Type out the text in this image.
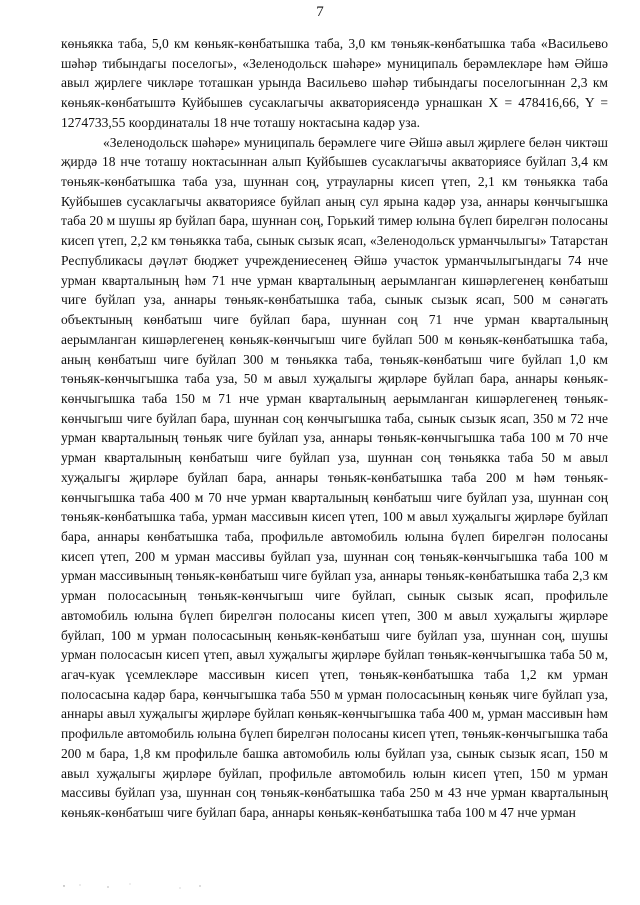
7

көньякка таба, 5,0 км көньяк-көнбатышка таба, 3,0 км төньяк-көнбатышка таба «Васильево шәһәр тибындагы поселогы», «Зеленодольск шәһәре» муниципаль берәмлекләре һәм Әйшә авыл җирлеге чикләре тоташкан урында Васильево шәһәр тибындагы поселогыннан 2,3 км көньяк-көнбатыштә Куйбышев сусаклагычы акваториясендә урнашкан X = 478416,66, Y = 1274733,55 координаталы 18 нче тоташу ноктасына кадәр уза.

«Зеленодольск шәһәре» муниципаль берәмлеге чиге Әйшә авыл җирлеге белән чиктәш җирдә 18 нче тоташу ноктасыннан алып Куйбышев сусаклагычы акваториясе буйлап 3,4 км төньяк-көнбатышка таба уза, шуннан соң, утрауларны кисеп үтеп, 2,1 км төньякка таба Куйбышев сусаклагычы акваториясе буйлап аның сул ярына кадәр уза, аннары көнчыгышка таба 20 м шушы яр буйлап бара, шуннан соң, Горький тимер юлына бүлеп бирелгән полосаны кисеп үтеп, 2,2 км төньякка таба, сынык сызык ясап, «Зеленодольск урманчылыгы» Татарстан Республикасы дәүләт бюджет учреждениесенең Әйшә участок урманчылыгындагы 74 нче урман кварталының һәм 71 нче урман кварталының аерымланган кишәрлегенең көнбатыш чиге буйлап уза, аннары төньяк-көнбатышка таба, сынык сызык ясап, 500 м сәнәгать объектының көнбатыш чиге буйлап бара, шуннан соң 71 нче урман кварталының аерымланган кишәрлегенең көньяк-көнчыгыш чиге буйлап 500 м көньяк-көнбатышка таба, аның көнбатыш чиге буйлап 300 м төньякка таба, төньяк-көнбатыш чиге буйлап 1,0 км төньяк-көнчыгышка таба уза, 50 м авыл хуҗалыгы җирләре буйлап бара, аннары көньяк-көнчыгышка таба 150 м 71 нче урман кварталының аерымланган кишәрлегенең төньяк-көнчыгыш чиге буйлап бара, шуннан соң көнчыгышка таба, сынык сызык ясап, 350 м 72 нче урман кварталының төньяк чиге буйлап уза, аннары төньяк-көнчыгышка таба 100 м 70 нче урман кварталының көнбатыш чиге буйлап уза, шуннан соң төньякка таба 50 м авыл хуҗалыгы җирләре буйлап бара, аннары төньяк-көнбатышка таба 200 м һәм төньяк-көнчыгышка таба 400 м 70 нче урман кварталының көнбатыш чиге буйлап уза, шуннан соң төньяк-көнбатышка таба, урман массивын кисеп үтеп, 100 м авыл хуҗалыгы җирләре буйлап бара, аннары көнбатышка таба, профильле автомобиль юлына бүлеп бирелгән полосаны кисеп үтеп, 200 м урман массивы буйлап уза, шуннан соң төньяк-көнчыгышка таба 100 м урман массивының төньяк-көнбатыш чиге буйлап уза, аннары төньяк-көнбатышка таба 2,3 км урман полосасының төньяк-көнчыгыш чиге буйлап, сынык сызык ясап, профильле автомобиль юлына бүлеп бирелгән полосаны кисеп үтеп, 300 м авыл хуҗалыгы җирләре буйлап, 100 м урман полосасының көньяк-көнбатыш чиге буйлап уза, шуннан соң, шушы урман полосасын кисеп үтеп, авыл хуҗалыгы җирләре буйлап төньяк-көнчыгышка таба 50 м, агач-куак үсемлекләре массивын кисеп үтеп, төньяк-көнбатышка таба 1,2 км урман полосасына кадәр бара, көнчыгышка таба 550 м урман полосасының көньяк чиге буйлап уза, аннары авыл хуҗалыгы җирләре буйлап көньяк-көнчыгышка таба 400 м, урман массивын һәм профильле автомобиль юлына бүлеп бирелгән полосаны кисеп үтеп, төньяк-көнчыгышка таба 200 м бара, 1,8 км профильле башка автомобиль юлы буйлап уза, сынык сызык ясап, 150 м авыл хуҗалыгы җирләре буйлап, профильле автомобиль юлын кисеп үтеп, 150 м урман массивы буйлап уза, шуннан соң төньяк-көнбатышка таба 250 м 43 нче урман кварталының көньяк-көнбатыш чиге буйлап бара, аннары көньяк-көнбатышка таба 100 м 47 нче урман
